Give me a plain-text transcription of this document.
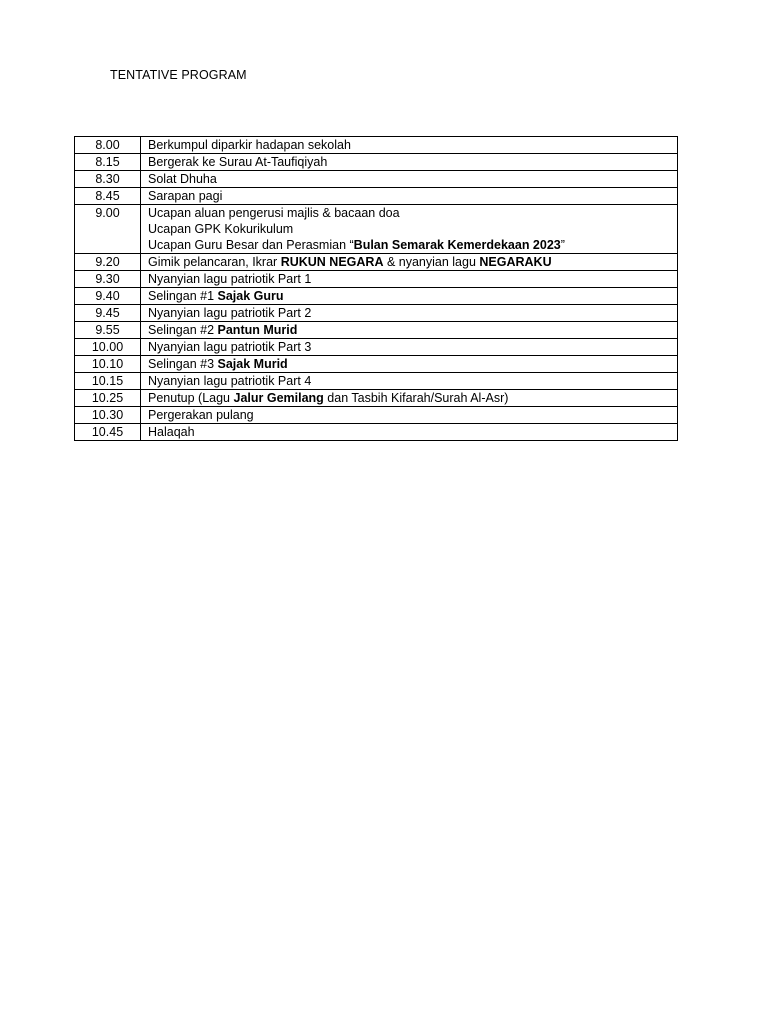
TENTATIVE PROGRAM
8.00	Berkumpul diparkir hadapan sekolah

8.15	Bergerak ke Surau At-Taufiqiyah

8.30	Solat Dhuha

8.45	Sarapan pagi

9.00	Ucapan aluan pengerusi majlis & bacaan doa
Ucapan GPK Kokurikulum
Ucapan Guru Besar dan Perasmian “Bulan Semarak Kemerdekaan 2023”

9.20	Gimik pelancaran, Ikrar RUKUN NEGARA & nyanyian lagu NEGARAKU

9.30	Nyanyian lagu patriotik Part 1

9.40	Selingan #1 Sajak Guru

9.45	Nyanyian lagu patriotik Part 2

9.55	Selingan #2 Pantun Murid

10.00	Nyanyian lagu patriotik Part 3

10.10	Selingan #3 Sajak Murid

10.15	Nyanyian lagu patriotik Part 4

10.25	Penutup (Lagu Jalur Gemilang dan Tasbih Kifarah/Surah Al-Asr)

10.30	Pergerakan pulang

10.45	Halaqah
